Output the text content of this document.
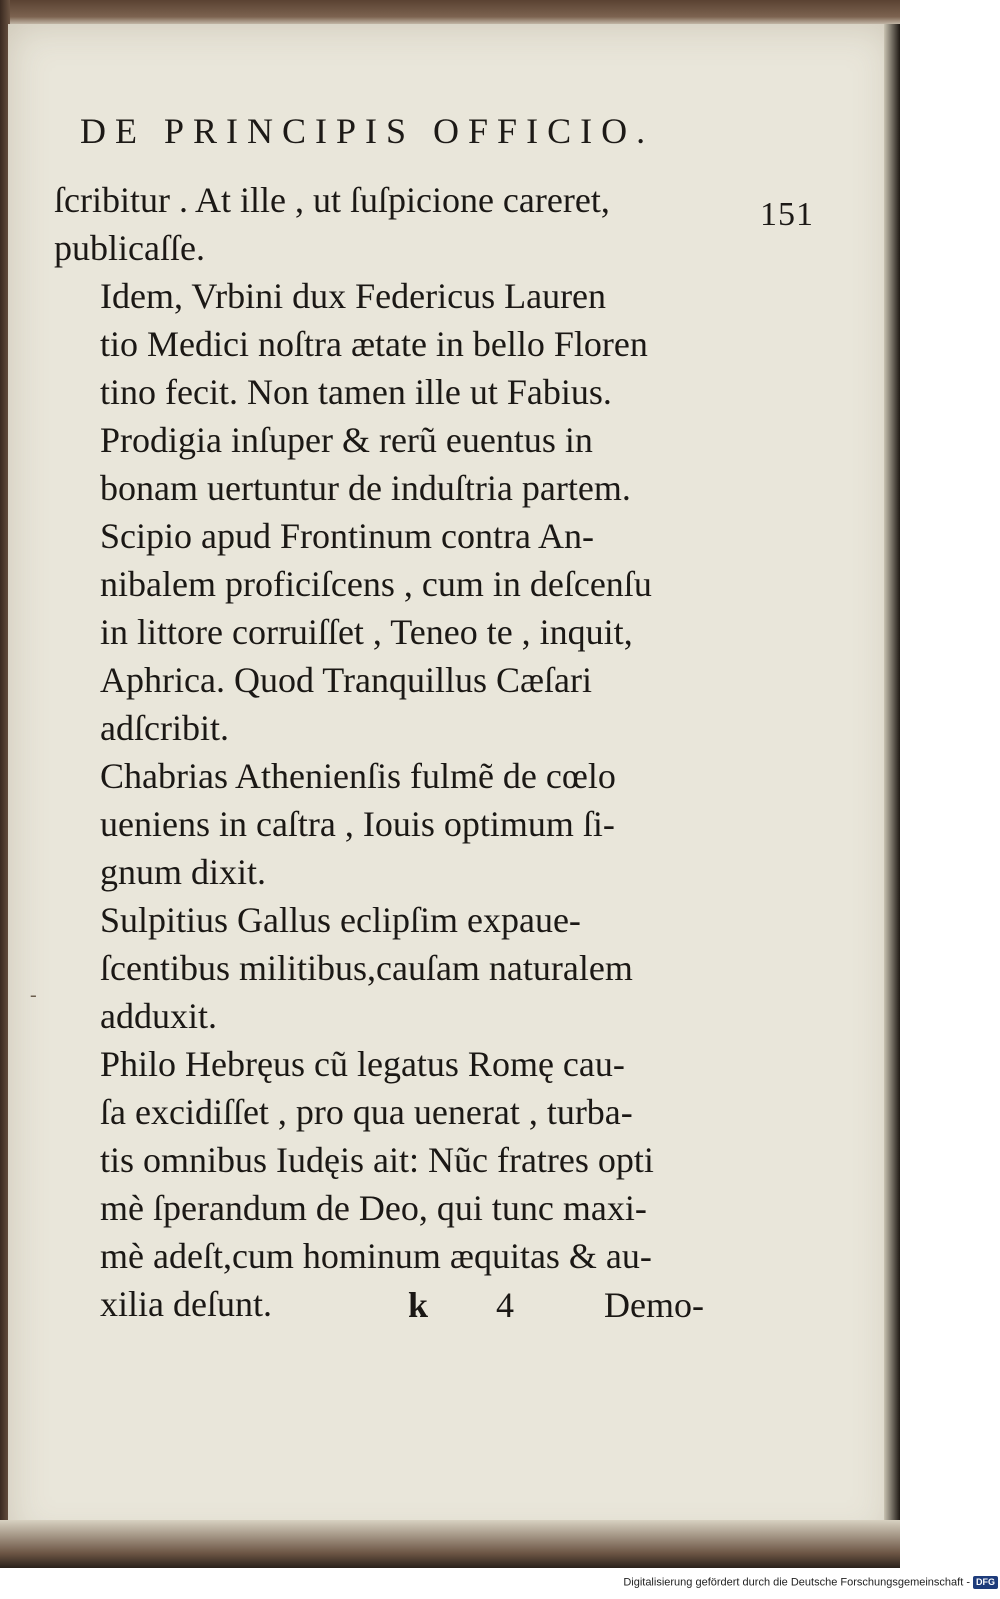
DE PRINCIPIS OFFICIO.
151
-
ſcribitur . At ille , ut ſuſpicione careret,
publicaſſe.
Idem, Vrbini dux Federicus Lauren
tio Medici noſtra ætate in bello Floren
tino fecit. Non tamen ille ut Fabius.
Prodigia inſuper & rerũ euentus in
bonam uertuntur de induſtria partem.
Scipio apud Frontinum contra An-
nibalem proficiſcens , cum in deſcenſu
in littore corruiſſet , Teneo te , inquit,
Aphrica. Quod Tranquillus Cæſari
adſcribit.
Chabrias Athenienſis fulmẽ de cœlo
ueniens in caſtra , Iouis optimum ſi-
gnum dixit.
Sulpitius Gallus eclipſim expaue-
ſcentibus militibus,cauſam naturalem
adduxit.
Philo Hebręus cũ legatus Romę cau-
ſa excidiſſet , pro qua uenerat , turba-
tis omnibus Iudęis ait: Nũc fratres opti
mè ſperandum de Deo, qui tunc maxi-
mè adeſt,cum hominum æquitas & au-
xilia deſunt.	k 4	Demo-
Digitalisierung gefördert durch die Deutsche Forschungsgemeinschaft - DFG
